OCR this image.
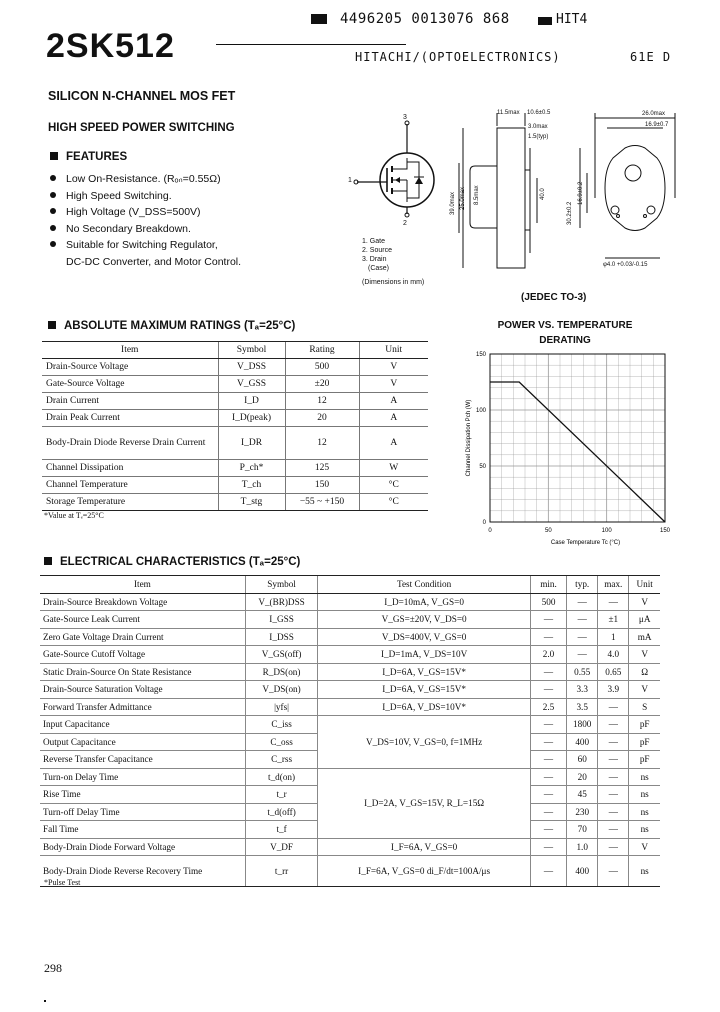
4496205 0013076 868	HIT4
2SK512	HITACHI/(OPTOELECTRONICS)	61E D
SILICON N-CHANNEL MOS FET
HIGH SPEED POWER SWITCHING
FEATURES
Low On-Resistance. (Rₒₙ=0.55Ω)
High Speed Switching.
High Voltage (V_DSS=500V)
No Secondary Breakdown.
Suitable for Switching Regulator,
DC-DC Converter, and Motor Control.
1
2
3
1. Gate
2. Source
3. Drain
(Case)
(Dimensions in mm)
11.5max 10.6±0.5	26.0max
16.9±0.7
3.0max
1.5(typ)
39.0max 25.0max 8.5max	40.0
30.2±0.2
16.9±0.2
φ4.0 +0.03/-0.15
(JEDEC TO-3)
ABSOLUTE MAXIMUM RATINGS (Tₐ=25°C)
Item	Symbol	Rating	Unit
Drain-Source Voltage	V_DSS	500	V
Gate-Source Voltage	V_GSS	±20	V
Drain Current	I_D	12	A
Drain Peak Current	I_D(peak)	20	A
Body-Drain Diode Reverse Drain Current	I_DR	12	A
Channel Dissipation	P_ch*	125	W
Channel Temperature	T_ch	150	°C
Storage Temperature	T_stg	−55 ~ +150	°C
*Value at Tₑ=25°C
POWER VS. TEMPERATURE DERATING
0	50	100	150
0
50
100
150
Case Temperature Tc (°C)
Channel Dissipation Pch (W)
ELECTRICAL CHARACTERISTICS (Tₐ=25°C)
Item	Symbol	Test Condition	min.	typ.	max.	Unit
Drain-Source Breakdown Voltage	V_(BR)DSS	I_D=10mA, V_GS=0	500	—	—	V
Gate-Source Leak Current	I_GSS	V_GS=±20V, V_DS=0	—	—	±1	μA
Zero Gate Voltage Drain Current	I_DSS	V_DS=400V, V_GS=0	—	—	1	mA
Gate-Source Cutoff Voltage	V_GS(off)	I_D=1mA, V_DS=10V	2.0	—	4.0	V
Static Drain-Source On State Resistance	R_DS(on)	I_D=6A, V_GS=15V*	—	0.55	0.65	Ω
Drain-Source Saturation Voltage	V_DS(on)	I_D=6A, V_GS=15V*	—	3.3	3.9	V
Forward Transfer Admittance	|yfs|	I_D=6A, V_DS=10V*	2.5	3.5	—	S
Input Capacitance	C_iss	V_DS=10V, V_GS=0, f=1MHz	—	1800	—	pF
Output Capacitance	C_oss		—	400	—	pF
Reverse Transfer Capacitance	C_rss		—	60	—	pF
Turn-on Delay Time	t_d(on)	I_D=2A, V_GS=15V, R_L=15Ω	—	20	—	ns
Rise Time	t_r		—	45	—	ns
Turn-off Delay Time	t_d(off)		—	230	—	ns
Fall Time	t_f		—	70	—	ns
Body-Drain Diode Forward Voltage	V_DF	I_F=6A, V_GS=0	—	1.0	—	V
Body-Drain Diode Reverse Recovery Time	t_rr	I_F=6A, V_GS=0 di_F/dt=100A/μs	—	400	—	ns
*Pulse Test
298
